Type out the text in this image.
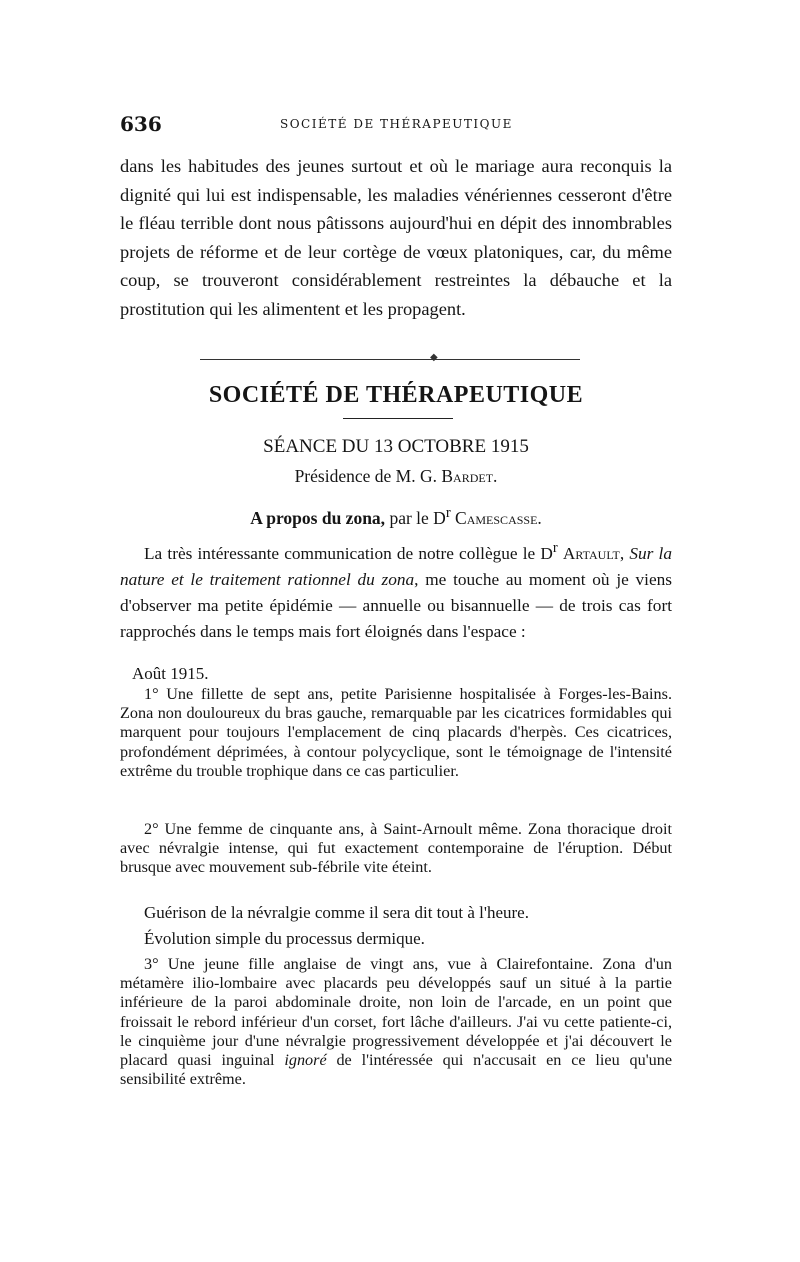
636	SOCIÉTÉ DE THÉRAPEUTIQUE

dans les habitudes des jeunes surtout et où le mariage aura reconquis la dignité qui lui est indispensable, les maladies vénériennes cesseront d'être le fléau terrible dont nous pâtissons aujourd'hui en dépit des innombrables projets de réforme et de leur cortège de vœux platoniques, car, du même coup, se trouveront considérablement restreintes la débauche et la prostitution qui les alimentent et les propagent.

◆
SOCIÉTÉ DE THÉRAPEUTIQUE
SÉANCE DU 13 OCTOBRE 1915

Présidence de M. G. Bardet.

A propos du zona, par le $D^r$ Camescasse.

La très intéressante communication de notre collègue le $D^r$ Artault, Sur la nature et le traitement rationnel du zona, me touche au moment où je viens d'observer ma petite épidémie — annuelle ou bisannuelle — de trois cas fort rapprochés dans le temps mais fort éloignés dans l'espace :

Août 1915.

1° Une fillette de sept ans, petite Parisienne hospitalisée à Forges-les-Bains. Zona non douloureux du bras gauche, remarquable par les cicatrices formidables qui marquent pour toujours l'emplacement de cinq placards d'herpès. Ces cicatrices, profondément déprimées, à contour polycyclique, sont le témoignage de l'intensité extrême du trouble trophique dans ce cas particulier.

2° Une femme de cinquante ans, à Saint-Arnoult même. Zona thoracique droit avec névralgie intense, qui fut exactement contemporaine de l'éruption. Début brusque avec mouvement sub-fébrile vite éteint.

Guérison de la névralgie comme il sera dit tout à l'heure.

Évolution simple du processus dermique.

3° Une jeune fille anglaise de vingt ans, vue à Clairefontaine. Zona d'un métamère ilio-lombaire avec placards peu développés sauf un situé à la partie inférieure de la paroi abdominale droite, non loin de l'arcade, en un point que froissait le rebord inférieur d'un corset, fort lâche d'ailleurs. J'ai vu cette patiente-ci, le cinquième jour d'une névralgie progressivement développée et j'ai découvert le placard quasi inguinal ignoré de l'intéressée qui n'accusait en ce lieu qu'une sensibilité extrême.
